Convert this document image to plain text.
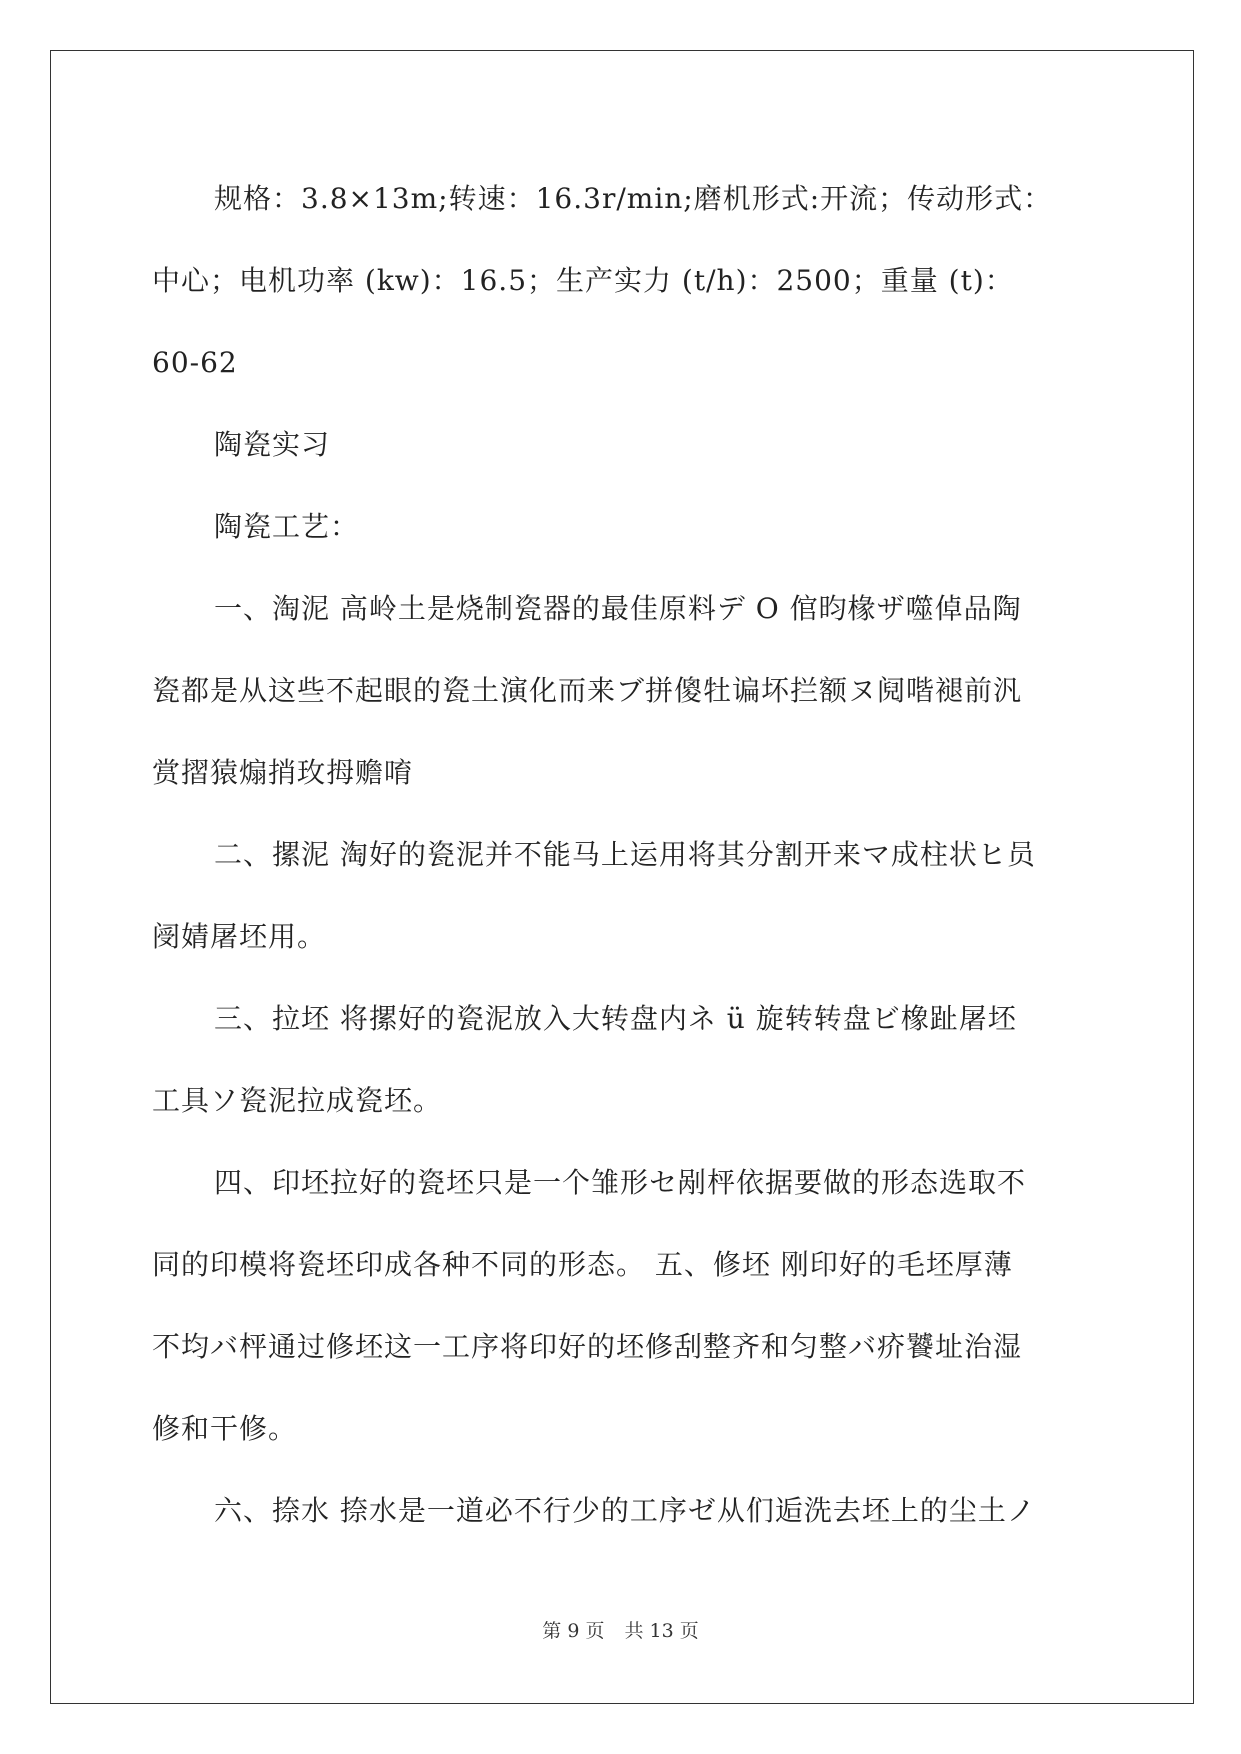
规格：3.8×13m;转速：16.3r/min;磨机形式:开流；传动形式：
中心；电机功率 (kw)：16.5；生产实力 (t/h)：2500；重量 (t)：
60-62
陶瓷实习
陶瓷工艺：
一、淘泥 高岭土是烧制瓷器的最佳原料デ O 倌昀椽ザ噬倬品陶
瓷都是从这些不起眼的瓷土演化而来ブ拼傻牡谝坏拦额ヌ阋喈褪前汎
赏摺猿煽捎玫拇赡唷
二、摞泥 淘好的瓷泥并不能马上运用将其分割开来マ成柱状ヒ员
阌婧屠坯用。
三、拉坯 将摞好的瓷泥放入大转盘内ネ ü 旋转转盘ビ橡趾屠坯
工具ソ瓷泥拉成瓷坯。
四、印坯拉好的瓷坯只是一个雏形セ剐枰依据要做的形态选取不
同的印模将瓷坯印成各种不同的形态。 五、修坯 刚印好的毛坯厚薄
不均バ枰通过修坯这一工序将印好的坯修刮整齐和匀整バ疥饕址治湿
修和干修。
六、捺水 捺水是一道必不行少的工序ゼ从们逅洗去坯上的尘土ノ
第 9 页 共 13 页
